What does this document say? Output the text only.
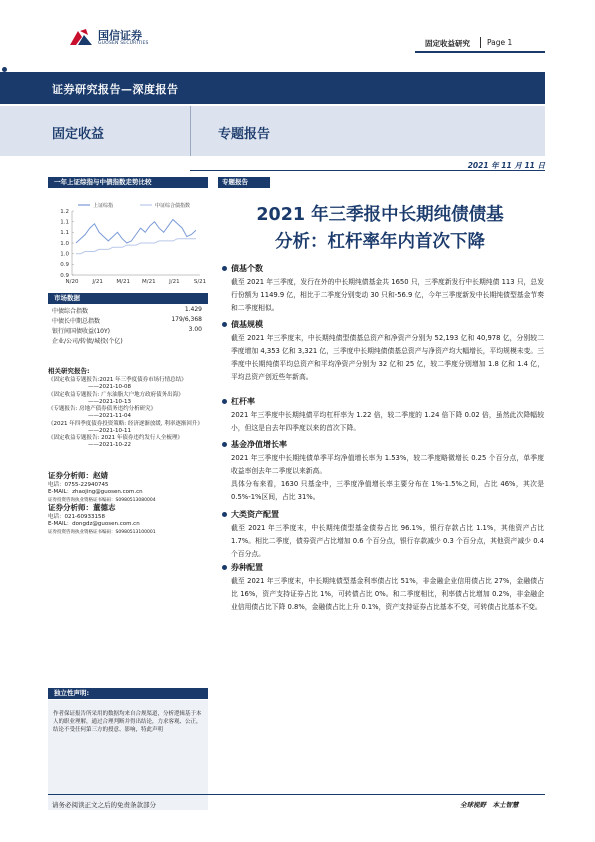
国信证券
GUOSEN SECURITIES	固定收益研究 Page 1
证券研究报告—深度报告
固定收益	专题报告
2021 年 11 月 11 日
一年上证综指与中债指数走势比较
上证综指	中证综合债指数
1.2
1.1
1.1
1.0
1.0
0.9
0.9
N/20	J/21 M/21 M/21 J/21	S/21
市场数据
中债综合指数	1.429
中债长中期总指数	179/6,368
银行间国债收益(10Y)	3.00
企业/公司/转债/城投(个亿)
相关研究报告:
《固定收益专题报告:2021 年三季度债券市场行情总结》
——2021-10-08
《固定收益专题报告: 广东油脂大户地方政府债务出海》
——2021-10-13
《专题报告: 房地产债券债务违约分析研究》
——2021-11-04
《2021 年四季度债券投资策略: 经济逐渐放缓, 利率逐渐回升》
——2021-10-11
《固定收益专题报告: 2021 年债券违约发行人全梳理》
——2021-10-22
证券分析师：赵婧
电话：0755-22940745
E-MAIL：zhaojing@guosen.com.cn
证券投资咨询执业资格证书编码：S0980513080004
证券分析师：董德志
电话：021-60933158
E-MAIL：dongdz@guosen.com.cn
证券投资咨询执业资格证书编码：S0980513100001
独立性声明:
作者保证报告所采用的数据均来自合规渠道，分析逻辑基于本人的职业理解，通过合理判断并得出结论，力求客观、公正，结论不受任何第三方的授意、影响，特此声明
专题报告
2021 年三季报中长期纯债债基
分析：杠杆率年内首次下降
债基个数
截至 2021 年三季度，发行在外的中长期纯债基金共 1650 只，三季度新发行中长期纯债 113 只，总发行份额为 1149.9 亿，相比于二季度分别变动 30 只和-56.9 亿，今年三季度新发中长期纯债型基金节奏和二季度相似。
债基规模
截至 2021 年三季度末，中长期纯债型债基总资产和净资产分别为 52,193 亿和 40,978 亿，分别较二季度增加 4,353 亿和 3,321 亿，三季度中长期纯债债基总资产与净资产均大幅增长，平均规模未变。三季度中长期纯债平均总资产和平均净资产分别为 32 亿和 25 亿，较二季度分别增加 1.8 亿和 1.4 亿，平均总资产创近些年新高。
杠杆率
2021 年三季度中长期纯债平均杠杆率为 1.22 倍，较二季度的 1.24 倍下降 0.02 倍，虽然此次降幅较小，但这是自去年四季度以来的首次下降。
基金净值增长率
2021 年三季度中长期纯债单季平均净值增长率为 1.53%，较二季度略微增长 0.25 个百分点，单季度收益率创去年二季度以来新高。
具体分布来看，1630 只基金中，三季度净值增长率主要分布在 1%-1.5%之间，占比 46%，其次是 0.5%-1%区间，占比 31%。
大类资产配置
截至 2021 年三季度末，中长期纯债型基金债券占比 96.1%，银行存款占比 1.1%，其他资产占比 1.7%。相比二季度，债券资产占比增加 0.6 个百分点，银行存款减少 0.3 个百分点，其他资产减少 0.4 个百分点。
券种配置
截至 2021 年三季度末，中长期纯债型基金利率债占比 51%，非金融企业信用债占比 27%，金融债占比 16%，资产支持证券占比 1%，可转债占比 0%。和二季度相比，利率债占比增加 0.2%，非金融企业信用债占比下降 0.8%，金融债占比上升 0.1%，资产支持证券占比基本不变，可转债占比基本不变。
请务必阅读正文之后的免责条款部分	全球视野　本土智慧
